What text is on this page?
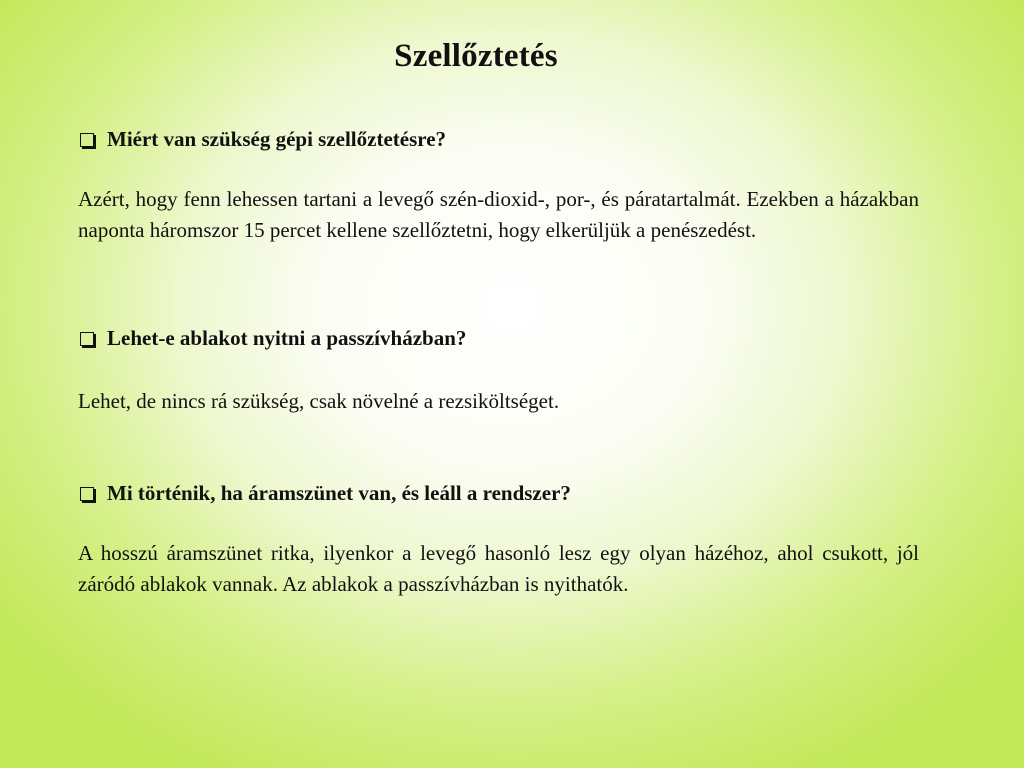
Szellőztetés
Miért van szükség gépi szellőztetésre?
Azért, hogy fenn lehessen tartani a levegő szén-dioxid-, por-, és páratartalmát. Ezekben a házakban naponta háromszor 15 percet kellene szellőztetni, hogy elkerüljük a penészedést.
Lehet-e ablakot nyitni a passzívházban?
Lehet, de nincs rá szükség, csak növelné a rezsiköltséget.
Mi történik, ha áramszünet van, és leáll a rendszer?
A hosszú áramszünet ritka, ilyenkor a levegő hasonló lesz egy olyan házéhoz, ahol csukott, jól záródó ablakok vannak. Az ablakok a passzívházban is nyithatók.
